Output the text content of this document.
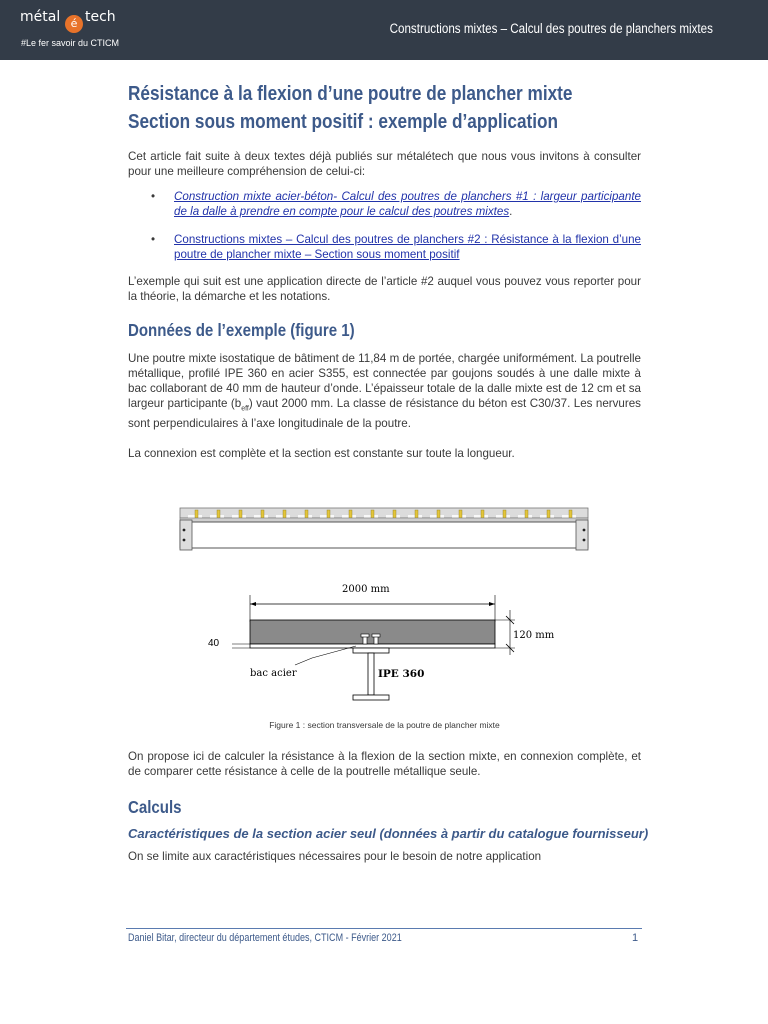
métal é tech
#Le fer savoir du CTICM
Constructions mixtes – Calcul des poutres de planchers mixtes
Résistance à la flexion d’une poutre de plancher mixte
Section sous moment positif : exemple d’application

Cet article fait suite à deux textes déjà publiés sur métalétech que nous vous invitons à consulter pour une meilleure compréhension de celui-ci:

• Construction mixte acier-béton- Calcul des poutres de planchers #1 : largeur participante de la dalle à prendre en compte pour le calcul des poutres mixtes.
• Constructions mixtes – Calcul des poutres de planchers #2 : Résistance à la flexion d’une poutre de plancher mixte – Section sous moment positif

L’exemple qui suit est une application directe de l’article #2 auquel vous pouvez vous reporter pour la théorie, la démarche et les notations.

Données de l’exemple (figure 1)

Une poutre mixte isostatique de bâtiment de 11,84 m de portée, chargée uniformément. La poutrelle métallique, profilé IPE 360 en acier S355, est connectée par goujons soudés à une dalle mixte à bac collaborant de 40 mm de hauteur d’onde. L’épaisseur totale de la dalle mixte est de 12 cm et sa largeur participante $(b_{eff})$ vaut 2000 mm. La classe de résistance du béton est C30/37. Les nervures sont perpendiculaires à l’axe longitudinale de la poutre.

La connexion est complète et la section est constante sur toute la longueur.

2000 mm
120 mm
40
bac acier	IPE 360
Figure 1 : section transversale de la poutre de plancher mixte

On propose ici de calculer la résistance à la flexion de la section mixte, en connexion complète, et de comparer cette résistance à celle de la poutrelle métallique seule.

Calculs

Caractéristiques de la section acier seul (données à partir du catalogue fournisseur)

On se limite aux caractéristiques nécessaires pour le besoin de notre application

Daniel Bitar, directeur du département études, CTICM - Février 2021	1
